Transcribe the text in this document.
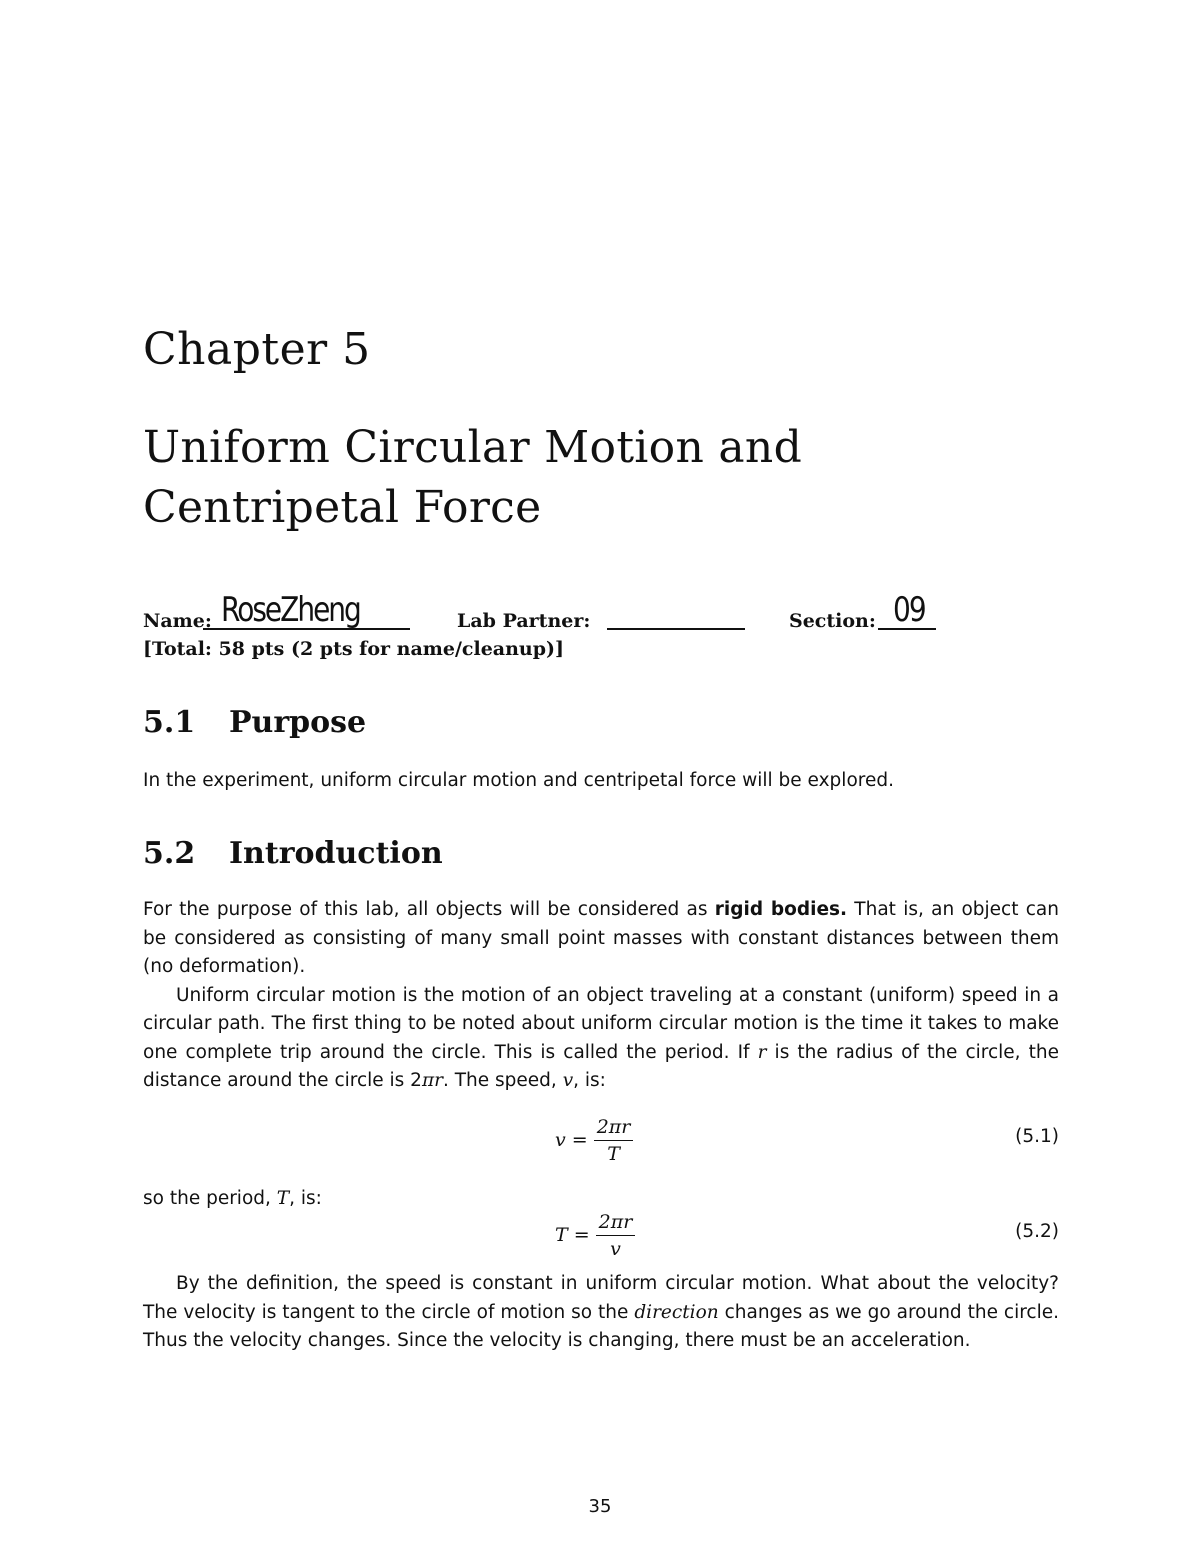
Chapter 5
Uniform Circular Motion and
Centripetal Force
Name: RoseZheng	Lab Partner:	Section: 09
[Total: 58 pts (2 pts for name/cleanup)]
5.1 Purpose

In the experiment, uniform circular motion and centripetal force will be explored.

5.2 Introduction

For the purpose of this lab, all objects will be considered as rigid bodies. That is, an object can be considered as consisting of many small point masses with constant distances between them (no deformation).

Uniform circular motion is the motion of an object traveling at a constant (uniform) speed in a circular path. The first thing to be noted about uniform circular motion is the time it takes to make one complete trip around the circle. This is called the period. If r is the radius of the circle, the distance around the circle is 2πr. The speed, v, is:

$v = \frac{2\pi r}{T}$	(5.1)

so the period, T, is:

$T = \frac{2\pi r}{v}$	(5.2)

By the definition, the speed is constant in uniform circular motion. What about the velocity? The velocity is tangent to the circle of motion so the direction changes as we go around the circle. Thus the velocity changes. Since the velocity is changing, there must be an acceleration.

35
